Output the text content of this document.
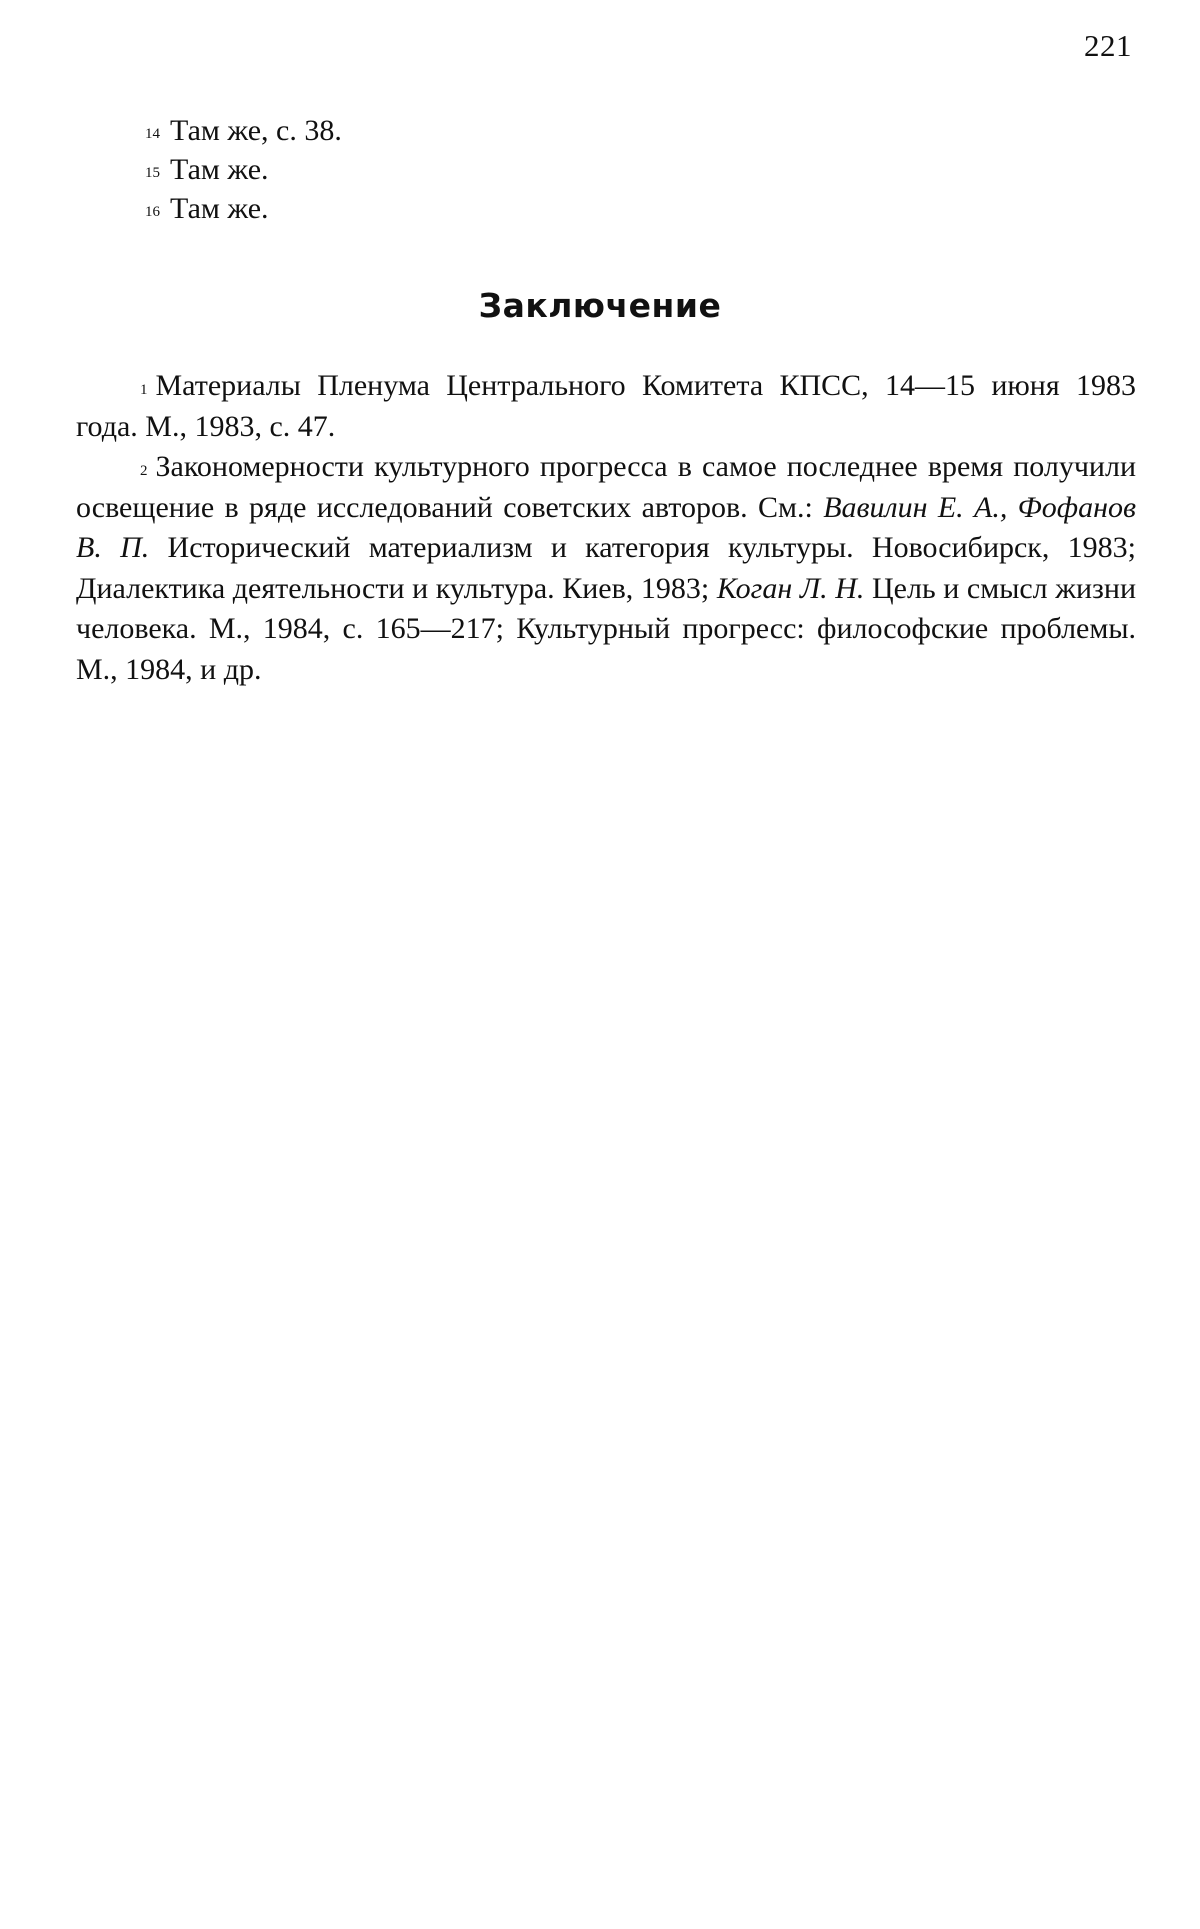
221
$^{14}$ Там же, с. 38.
$^{15}$ Там же.
$^{16}$ Там же.
Заключение

$^1$ Материалы Пленума Центрального Комитета КПСС, 14—15 июня 1983 года. М., 1983, с. 47.

$^2$ Закономерности культурного прогресса в самое последнее время получили освещение в ряде исследований советских авторов. См.: Вавилин Е. А., Фофанов В. П. Исторический материализм и категория культуры. Новосибирск, 1983; Диалектика деятельности и культура. Киев, 1983; Коган Л. Н. Цель и смысл жизни человека. М., 1984, с. 165—217; Культурный прогресс: философские проблемы. М., 1984, и др.
